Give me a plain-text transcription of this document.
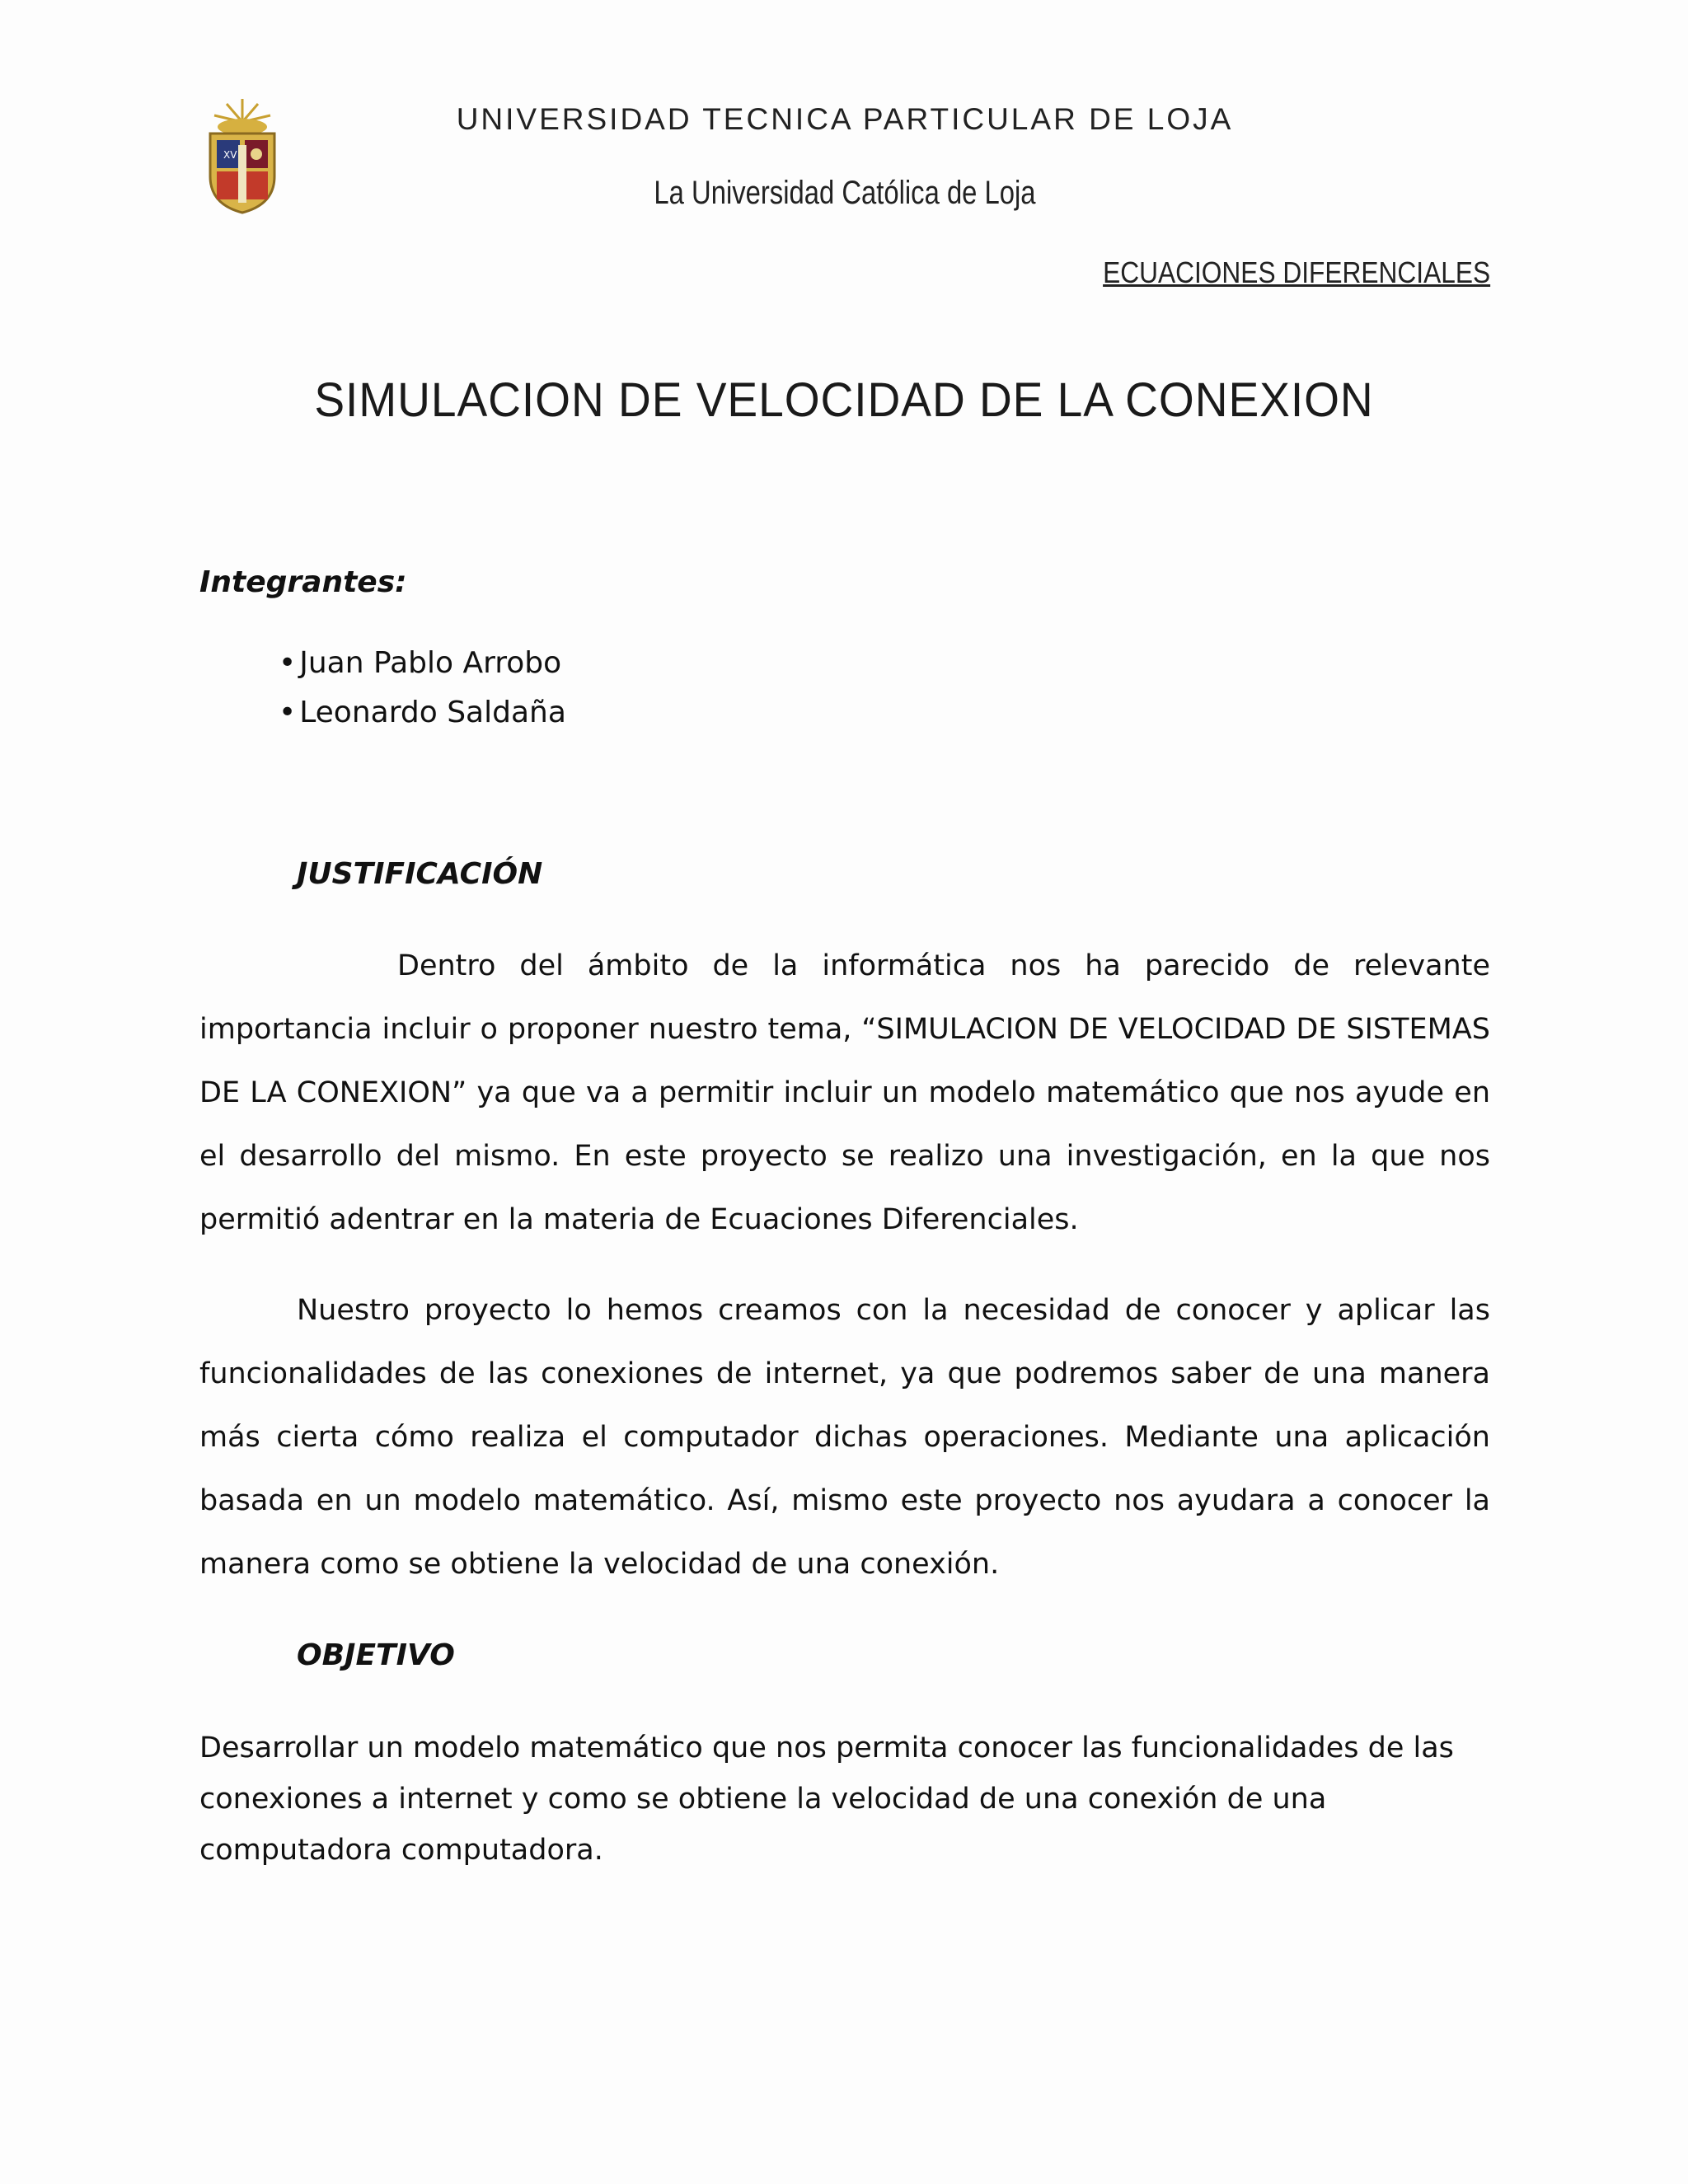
XV
UNIVERSIDAD TECNICA PARTICULAR DE LOJA
La Universidad Católica de Loja
ECUACIONES DIFERENCIALES
SIMULACION DE VELOCIDAD DE LA CONEXION
Integrantes:
• Juan Pablo Arrobo
• Leonardo Saldaña
JUSTIFICACIÓN

Dentro del ámbito de la informática nos ha parecido de relevante importancia incluir o proponer nuestro tema, “SIMULACION DE VELOCIDAD DE SISTEMAS DE LA CONEXION” ya que va a permitir incluir un modelo matemático que nos ayude en el desarrollo del mismo. En este proyecto se realizo una investigación, en la que nos permitió adentrar en la materia de Ecuaciones Diferenciales.

Nuestro proyecto lo hemos creamos con la necesidad de conocer y aplicar las funcionalidades de las conexiones de internet, ya que podremos saber de una manera más cierta cómo realiza el computador dichas operaciones. Mediante una aplicación basada en un modelo matemático. Así, mismo este proyecto nos ayudara a conocer la manera como se obtiene la velocidad de una conexión.

OBJETIVO

Desarrollar un modelo matemático que nos permita conocer las funcionalidades de las conexiones a internet y como se obtiene la velocidad de una conexión de una computadora computadora.
